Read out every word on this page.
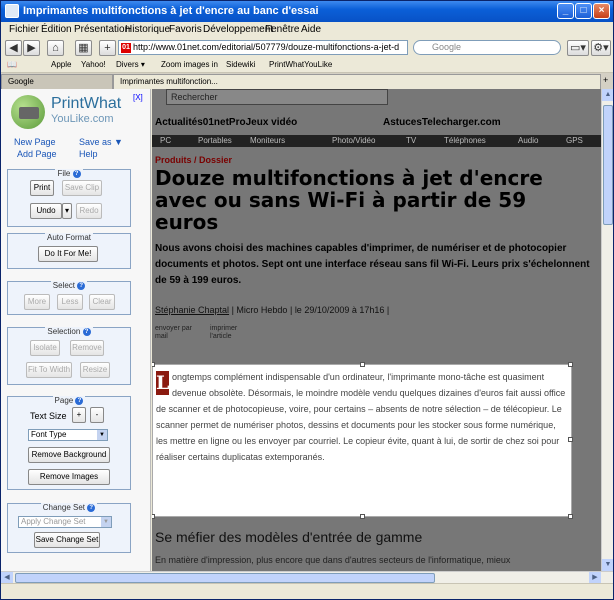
Imprimantes multifonctions à jet d'encre au banc d'essai	_	□	×
Fichier Édition Présentation
Historique
Favoris Développement
Fenêtre Aide
◀ ▶	⌂	▦	+	01 http://www.01net.com/editorial/507779/douze-multifonctions-a-jet-d	Google	▭▾ ⚙▾
📖	Apple Yahoo! Divers ▾ Zoom images in Sidewiki PrintWhatYouLike
Google	Imprimantes multifonction...	+
PrintWhat
YouLike.com
[X]
New Page	Save as ▼
Add Page Help
File ?
Print	Save Clip
Undo	▾	Redo
Auto Format
Do It For Me!
Select ?
More	Less	Clear
Selection ?
Isolate	Remove
Fit To Width	Resize
Page ?
Text Size	+	-
Font Type	▼
Remove Background
Remove Images
Change Set ?
Apply Change Set	▼
Save Change Set
Rechercher
Actualités01netProJeux vidéo	AstucesTelecharger.com
PC	Portables Moniteurs	Photo/Vidéo	TV	Téléphones	Audio	GPS
Produits / Dossier
Douze multifonctions à jet d'encre avec ou sans Wi-Fi à partir de 59 euros
Nous avons choisi des machines capables d'imprimer, de numériser et de photocopier documents et photos. Sept ont une interface réseau sans fil Wi-Fi. Leurs prix s'échelonnent de 59 à 199 euros.
Stéphanie Chaptal | Micro Hebdo | le 29/10/2009 à 17h16 |
envoyer par mail
imprimer l'article
L ongtemps complément indispensable d'un ordinateur, l'imprimante mono-tâche est quasiment devenue obsolète. Désormais, le moindre modèle vendu quelques dizaines d'euros fait aussi office de scanner et de photocopieuse, voire, pour certains – absents de notre sélection – de télécopieur. Le scanner permet de numériser photos, dessins et documents pour les stocker sous forme numérique, les mettre en ligne ou les envoyer par courriel. Le copieur évite, quant à lui, de sortir de chez soi pour réaliser certains duplicatas extemporanés.
Se méfier des modèles d'entrée de gamme
En matière d'impression, plus encore que dans d'autres secteurs de l'informatique, mieux
▲
▼
◀	▶
